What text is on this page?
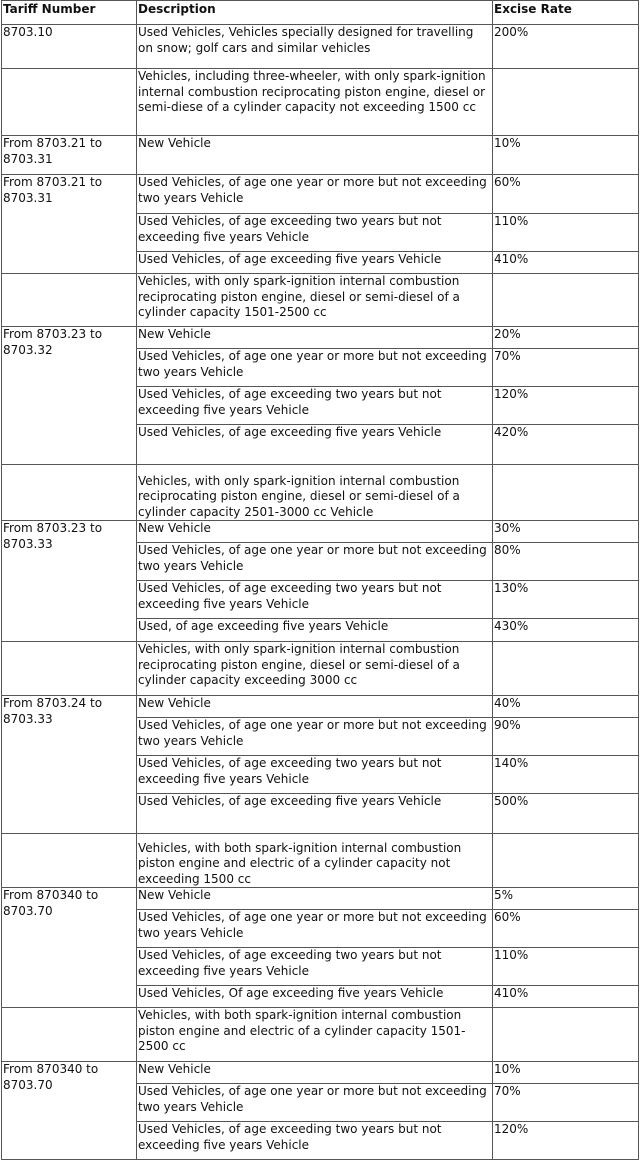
Tariff Number	Description	Excise Rate
8703.10	Used Vehicles, Vehicles specially designed for travelling on snow; golf cars and similar vehicles	200%
	Vehicles, including three-wheeler, with only spark-ignition internal combustion reciprocating piston engine, diesel or semi-diese of a cylinder capacity not exceeding 1500 cc	
From 8703.21 to 8703.31	New Vehicle	10%
From 8703.21 to 8703.31	Used Vehicles, of age one year or more but not exceeding two years Vehicle	60%
	Used Vehicles, of age exceeding two years but not exceeding five years Vehicle	110%
	Used Vehicles, of age exceeding five years Vehicle	410%
	Vehicles, with only spark-ignition internal combustion reciprocating piston engine, diesel or semi-diesel of a cylinder capacity 1501-2500 cc	
From 8703.23 to 8703.32	New Vehicle	20%
	Used Vehicles, of age one year or more but not exceeding two years Vehicle	70%
	Used Vehicles, of age exceeding two years but not exceeding five years Vehicle	120%
	Used Vehicles, of age exceeding five years Vehicle	420%
	Vehicles, with only spark-ignition internal combustion reciprocating piston engine, diesel or semi-diesel of a cylinder capacity 2501-3000 cc Vehicle	
From 8703.23 to 8703.33	New Vehicle	30%
	Used Vehicles, of age one year or more but not exceeding two years Vehicle	80%
	Used Vehicles, of age exceeding two years but not exceeding five years Vehicle	130%
	Used, of age exceeding five years Vehicle	430%
	Vehicles, with only spark-ignition internal combustion reciprocating piston engine, diesel or semi-diesel of a cylinder capacity exceeding 3000 cc	
From 8703.24 to 8703.33	New Vehicle	40%
	Used Vehicles, of age one year or more but not exceeding two years Vehicle	90%
	Used Vehicles, of age exceeding two years but not exceeding five years Vehicle	140%
	Used Vehicles, of age exceeding five years Vehicle	500%
	Vehicles, with both spark-ignition internal combustion piston engine and electric of a cylinder capacity not exceeding 1500 cc	
From 870340 to 8703.70	New Vehicle	5%
	Used Vehicles, of age one year or more but not exceeding two years Vehicle	60%
	Used Vehicles, of age exceeding two years but not exceeding five years Vehicle	110%
	Used Vehicles, Of age exceeding five years Vehicle	410%
	Vehicles, with both spark-ignition internal combustion piston engine and electric of a cylinder capacity 1501-2500 cc	
From 870340 to 8703.70	New Vehicle	10%
	Used Vehicles, of age one year or more but not exceeding two years Vehicle	70%
	Used Vehicles, of age exceeding two years but not exceeding five years Vehicle	120%
